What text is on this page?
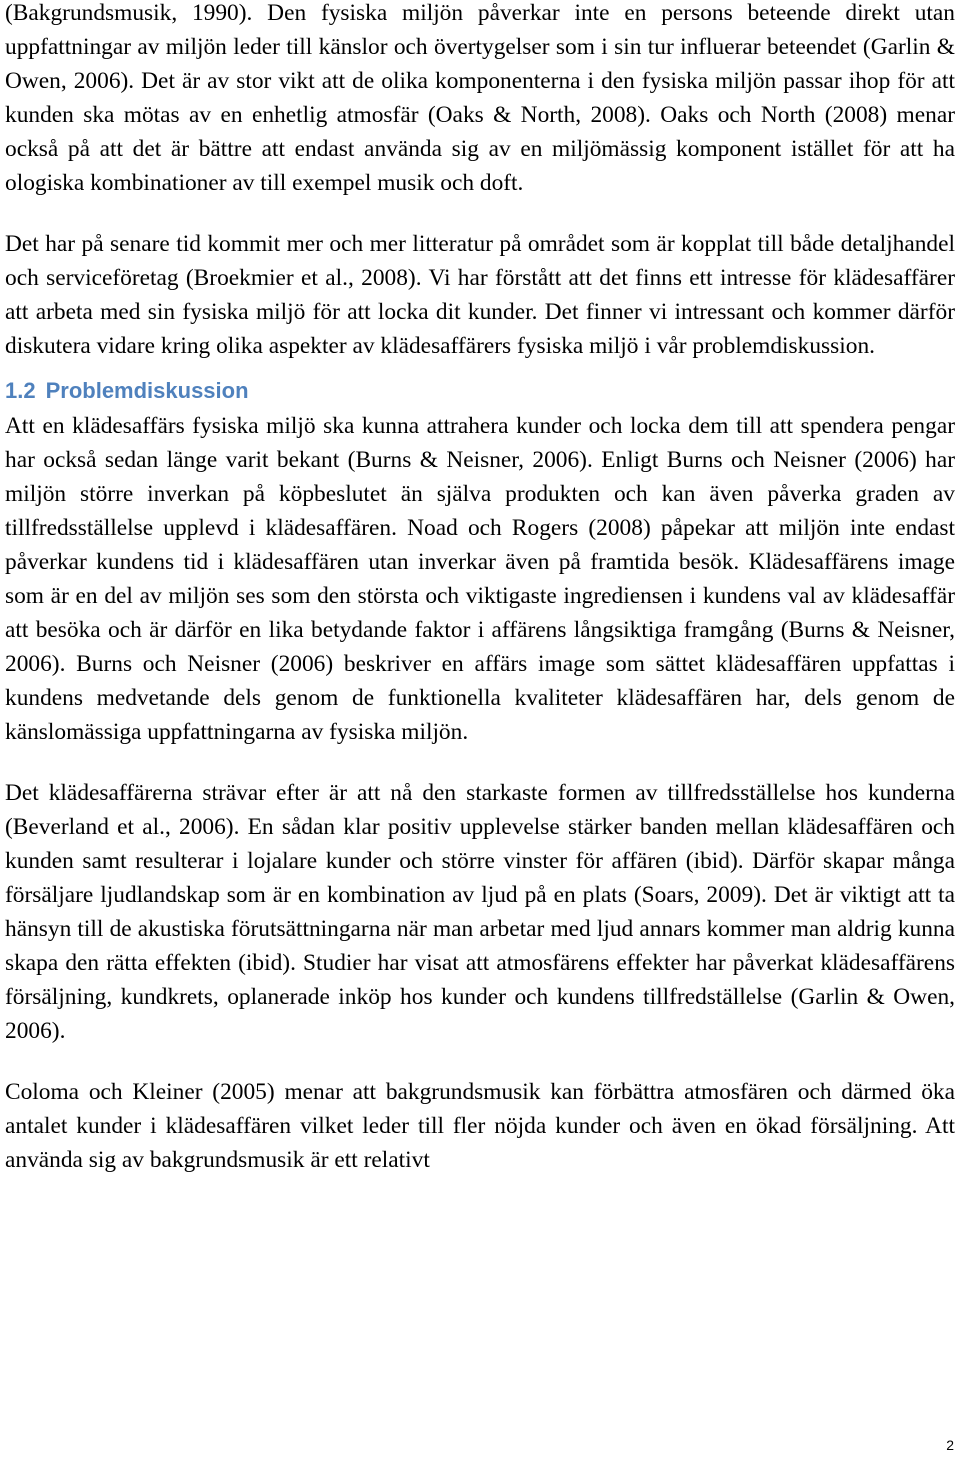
(Bakgrundsmusik, 1990). Den fysiska miljön påverkar inte en persons beteende direkt utan uppfattningar av miljön leder till känslor och övertygelser som i sin tur influerar beteendet (Garlin & Owen, 2006). Det är av stor vikt att de olika komponenterna i den fysiska miljön passar ihop för att kunden ska mötas av en enhetlig atmosfär (Oaks & North, 2008). Oaks och North (2008) menar också på att det är bättre att endast använda sig av en miljömässig komponent istället för att ha ologiska kombinationer av till exempel musik och doft.

Det har på senare tid kommit mer och mer litteratur på området som är kopplat till både detaljhandel och serviceföretag (Broekmier et al., 2008). Vi har förstått att det finns ett intresse för klädesaffärer att arbeta med sin fysiska miljö för att locka dit kunder. Det finner vi intressant och kommer därför diskutera vidare kring olika aspekter av klädesaffärers fysiska miljö i vår problemdiskussion.

1.2 Problemdiskussion

Att en klädesaffärs fysiska miljö ska kunna attrahera kunder och locka dem till att spendera pengar har också sedan länge varit bekant (Burns & Neisner, 2006). Enligt Burns och Neisner (2006) har miljön större inverkan på köpbeslutet än själva produkten och kan även påverka graden av tillfredsställelse upplevd i klädesaffären. Noad och Rogers (2008) påpekar att miljön inte endast påverkar kundens tid i klädesaffären utan inverkar även på framtida besök. Klädesaffärens image som är en del av miljön ses som den största och viktigaste ingrediensen i kundens val av klädesaffär att besöka och är därför en lika betydande faktor i affärens långsiktiga framgång (Burns & Neisner, 2006). Burns och Neisner (2006) beskriver en affärs image som sättet klädesaffären uppfattas i kundens medvetande dels genom de funktionella kvaliteter klädesaffären har, dels genom de känslomässiga uppfattningarna av fysiska miljön.

Det klädesaffärerna strävar efter är att nå den starkaste formen av tillfredsställelse hos kunderna (Beverland et al., 2006). En sådan klar positiv upplevelse stärker banden mellan klädesaffären och kunden samt resulterar i lojalare kunder och större vinster för affären (ibid). Därför skapar många försäljare ljudlandskap som är en kombination av ljud på en plats (Soars, 2009). Det är viktigt att ta hänsyn till de akustiska förutsättningarna när man arbetar med ljud annars kommer man aldrig kunna skapa den rätta effekten (ibid). Studier har visat att atmosfärens effekter har påverkat klädesaffärens försäljning, kundkrets, oplanerade inköp hos kunder och kundens tillfredställelse (Garlin & Owen, 2006).

Coloma och Kleiner (2005) menar att bakgrundsmusik kan förbättra atmosfären och därmed öka antalet kunder i klädesaffären vilket leder till fler nöjda kunder och även en ökad försäljning. Att använda sig av bakgrundsmusik är ett relativt

2
